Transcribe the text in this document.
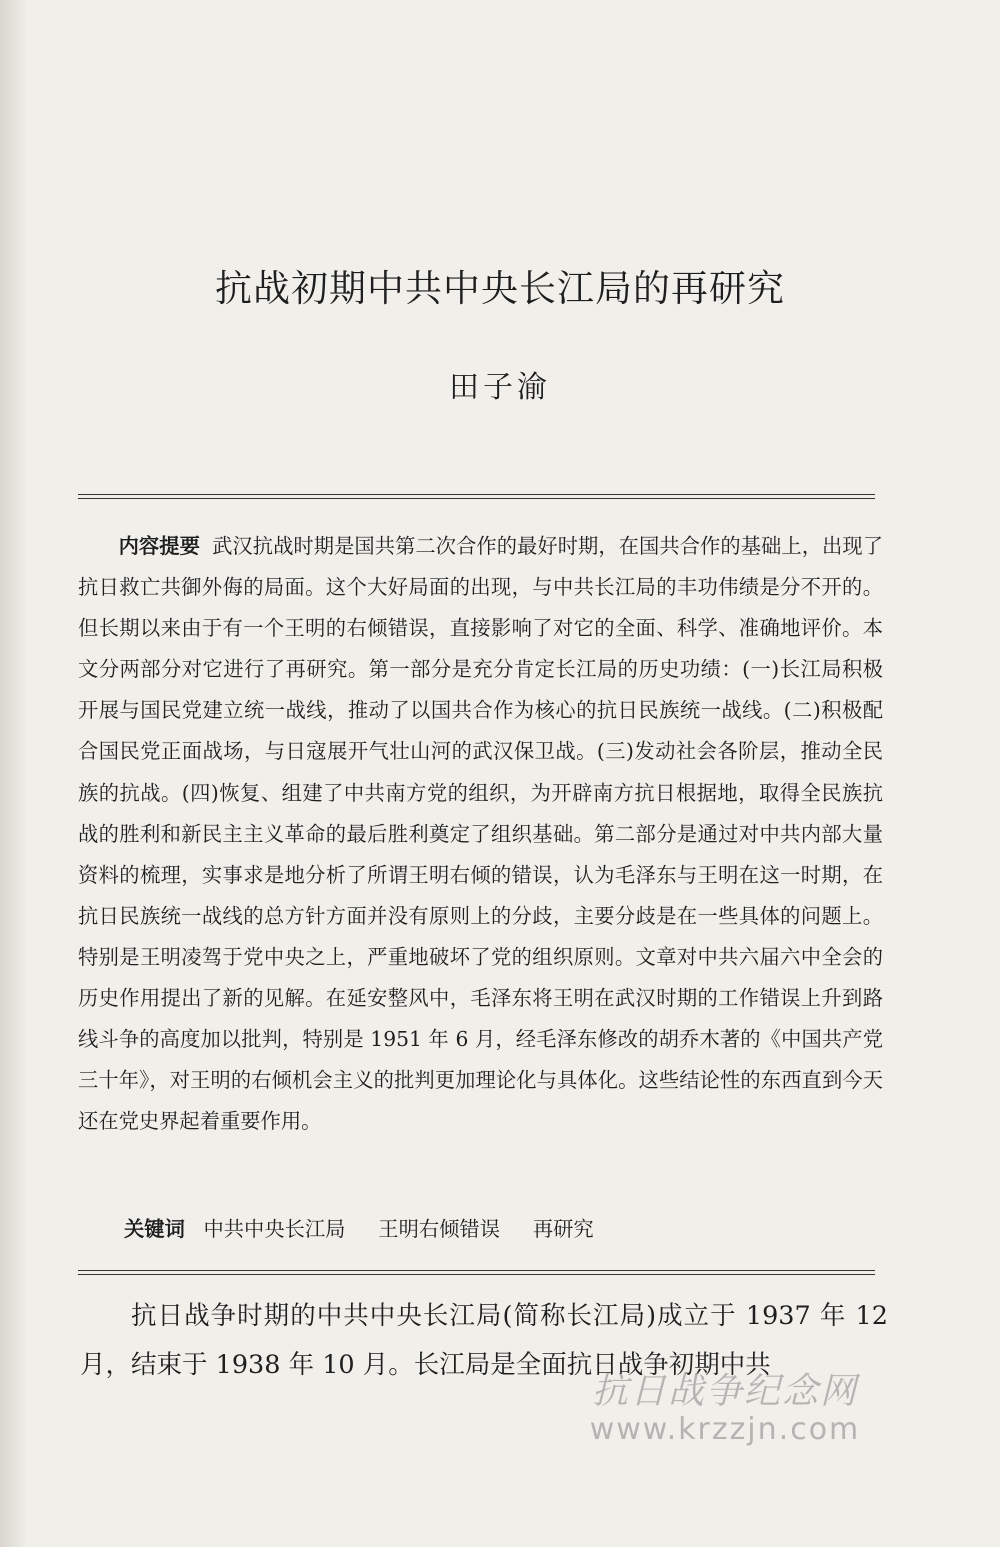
抗战初期中共中央长江局的再研究
田子渝

内容提要 武汉抗战时期是国共第二次合作的最好时期，在国共合作的基础上，出现了抗日救亡共御外侮的局面。这个大好局面的出现，与中共长江局的丰功伟绩是分不开的。但长期以来由于有一个王明的右倾错误，直接影响了对它的全面、科学、准确地评价。本文分两部分对它进行了再研究。第一部分是充分肯定长江局的历史功绩：(一)长江局积极开展与国民党建立统一战线，推动了以国共合作为核心的抗日民族统一战线。(二)积极配合国民党正面战场，与日寇展开气壮山河的武汉保卫战。(三)发动社会各阶层，推动全民族的抗战。(四)恢复、组建了中共南方党的组织，为开辟南方抗日根据地，取得全民族抗战的胜利和新民主主义革命的最后胜利奠定了组织基础。第二部分是通过对中共内部大量资料的梳理，实事求是地分析了所谓王明右倾的错误，认为毛泽东与王明在这一时期，在抗日民族统一战线的总方针方面并没有原则上的分歧，主要分歧是在一些具体的问题上。特别是王明凌驾于党中央之上，严重地破坏了党的组织原则。文章对中共六届六中全会的历史作用提出了新的见解。在延安整风中，毛泽东将王明在武汉时期的工作错误上升到路线斗争的高度加以批判，特别是 1951 年 6 月，经毛泽东修改的胡乔木著的《中国共产党三十年》，对王明的右倾机会主义的批判更加理论化与具体化。这些结论性的东西直到今天还在党史界起着重要作用。

关键词 中共中央长江局 王明右倾错误 再研究

抗日战争时期的中共中央长江局(简称长江局)成立于 1937 年 12 月，结束于 1938 年 10 月。长江局是全面抗日战争初期中共

抗日战争纪念网
www.krzzjn.com
